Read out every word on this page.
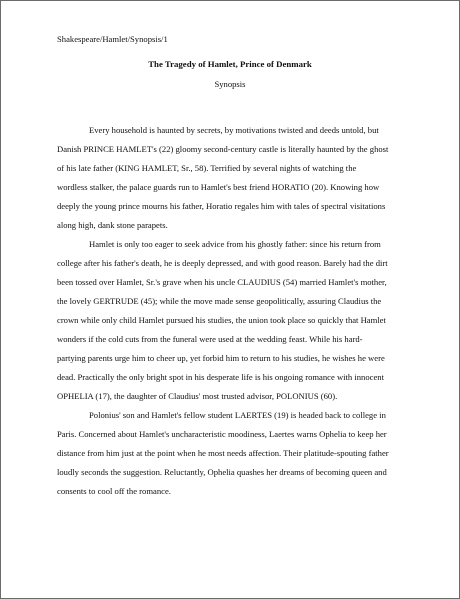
Shakespeare/Hamlet/Synopsis/1
The Tragedy of Hamlet, Prince of Denmark
Synopsis
Every household is haunted by secrets, by motivations twisted and deeds untold, but
Danish PRINCE HAMLET's (22) gloomy second-century castle is literally haunted by the ghost
of his late father (KING HAMLET, Sr., 58). Terrified by several nights of watching the
wordless stalker, the palace guards run to Hamlet's best friend HORATIO (20). Knowing how
deeply the young prince mourns his father, Horatio regales him with tales of spectral visitations
along high, dank stone parapets.
Hamlet is only too eager to seek advice from his ghostly father: since his return from
college after his father's death, he is deeply depressed, and with good reason. Barely had the dirt
been tossed over Hamlet, Sr.'s grave when his uncle CLAUDIUS (54) married Hamlet's mother,
the lovely GERTRUDE (45); while the move made sense geopolitically, assuring Claudius the
crown while only child Hamlet pursued his studies, the union took place so quickly that Hamlet
wonders if the cold cuts from the funeral were used at the wedding feast. While his hard-
partying parents urge him to cheer up, yet forbid him to return to his studies, he wishes he were
dead. Practically the only bright spot in his desperate life is his ongoing romance with innocent
OPHELIA (17), the daughter of Claudius' most trusted advisor, POLONIUS (60).
Polonius' son and Hamlet's fellow student LAERTES (19) is headed back to college in
Paris. Concerned about Hamlet's uncharacteristic moodiness, Laertes warns Ophelia to keep her
distance from him just at the point when he most needs affection. Their platitude-spouting father
loudly seconds the suggestion. Reluctantly, Ophelia quashes her dreams of becoming queen and
consents to cool off the romance.
